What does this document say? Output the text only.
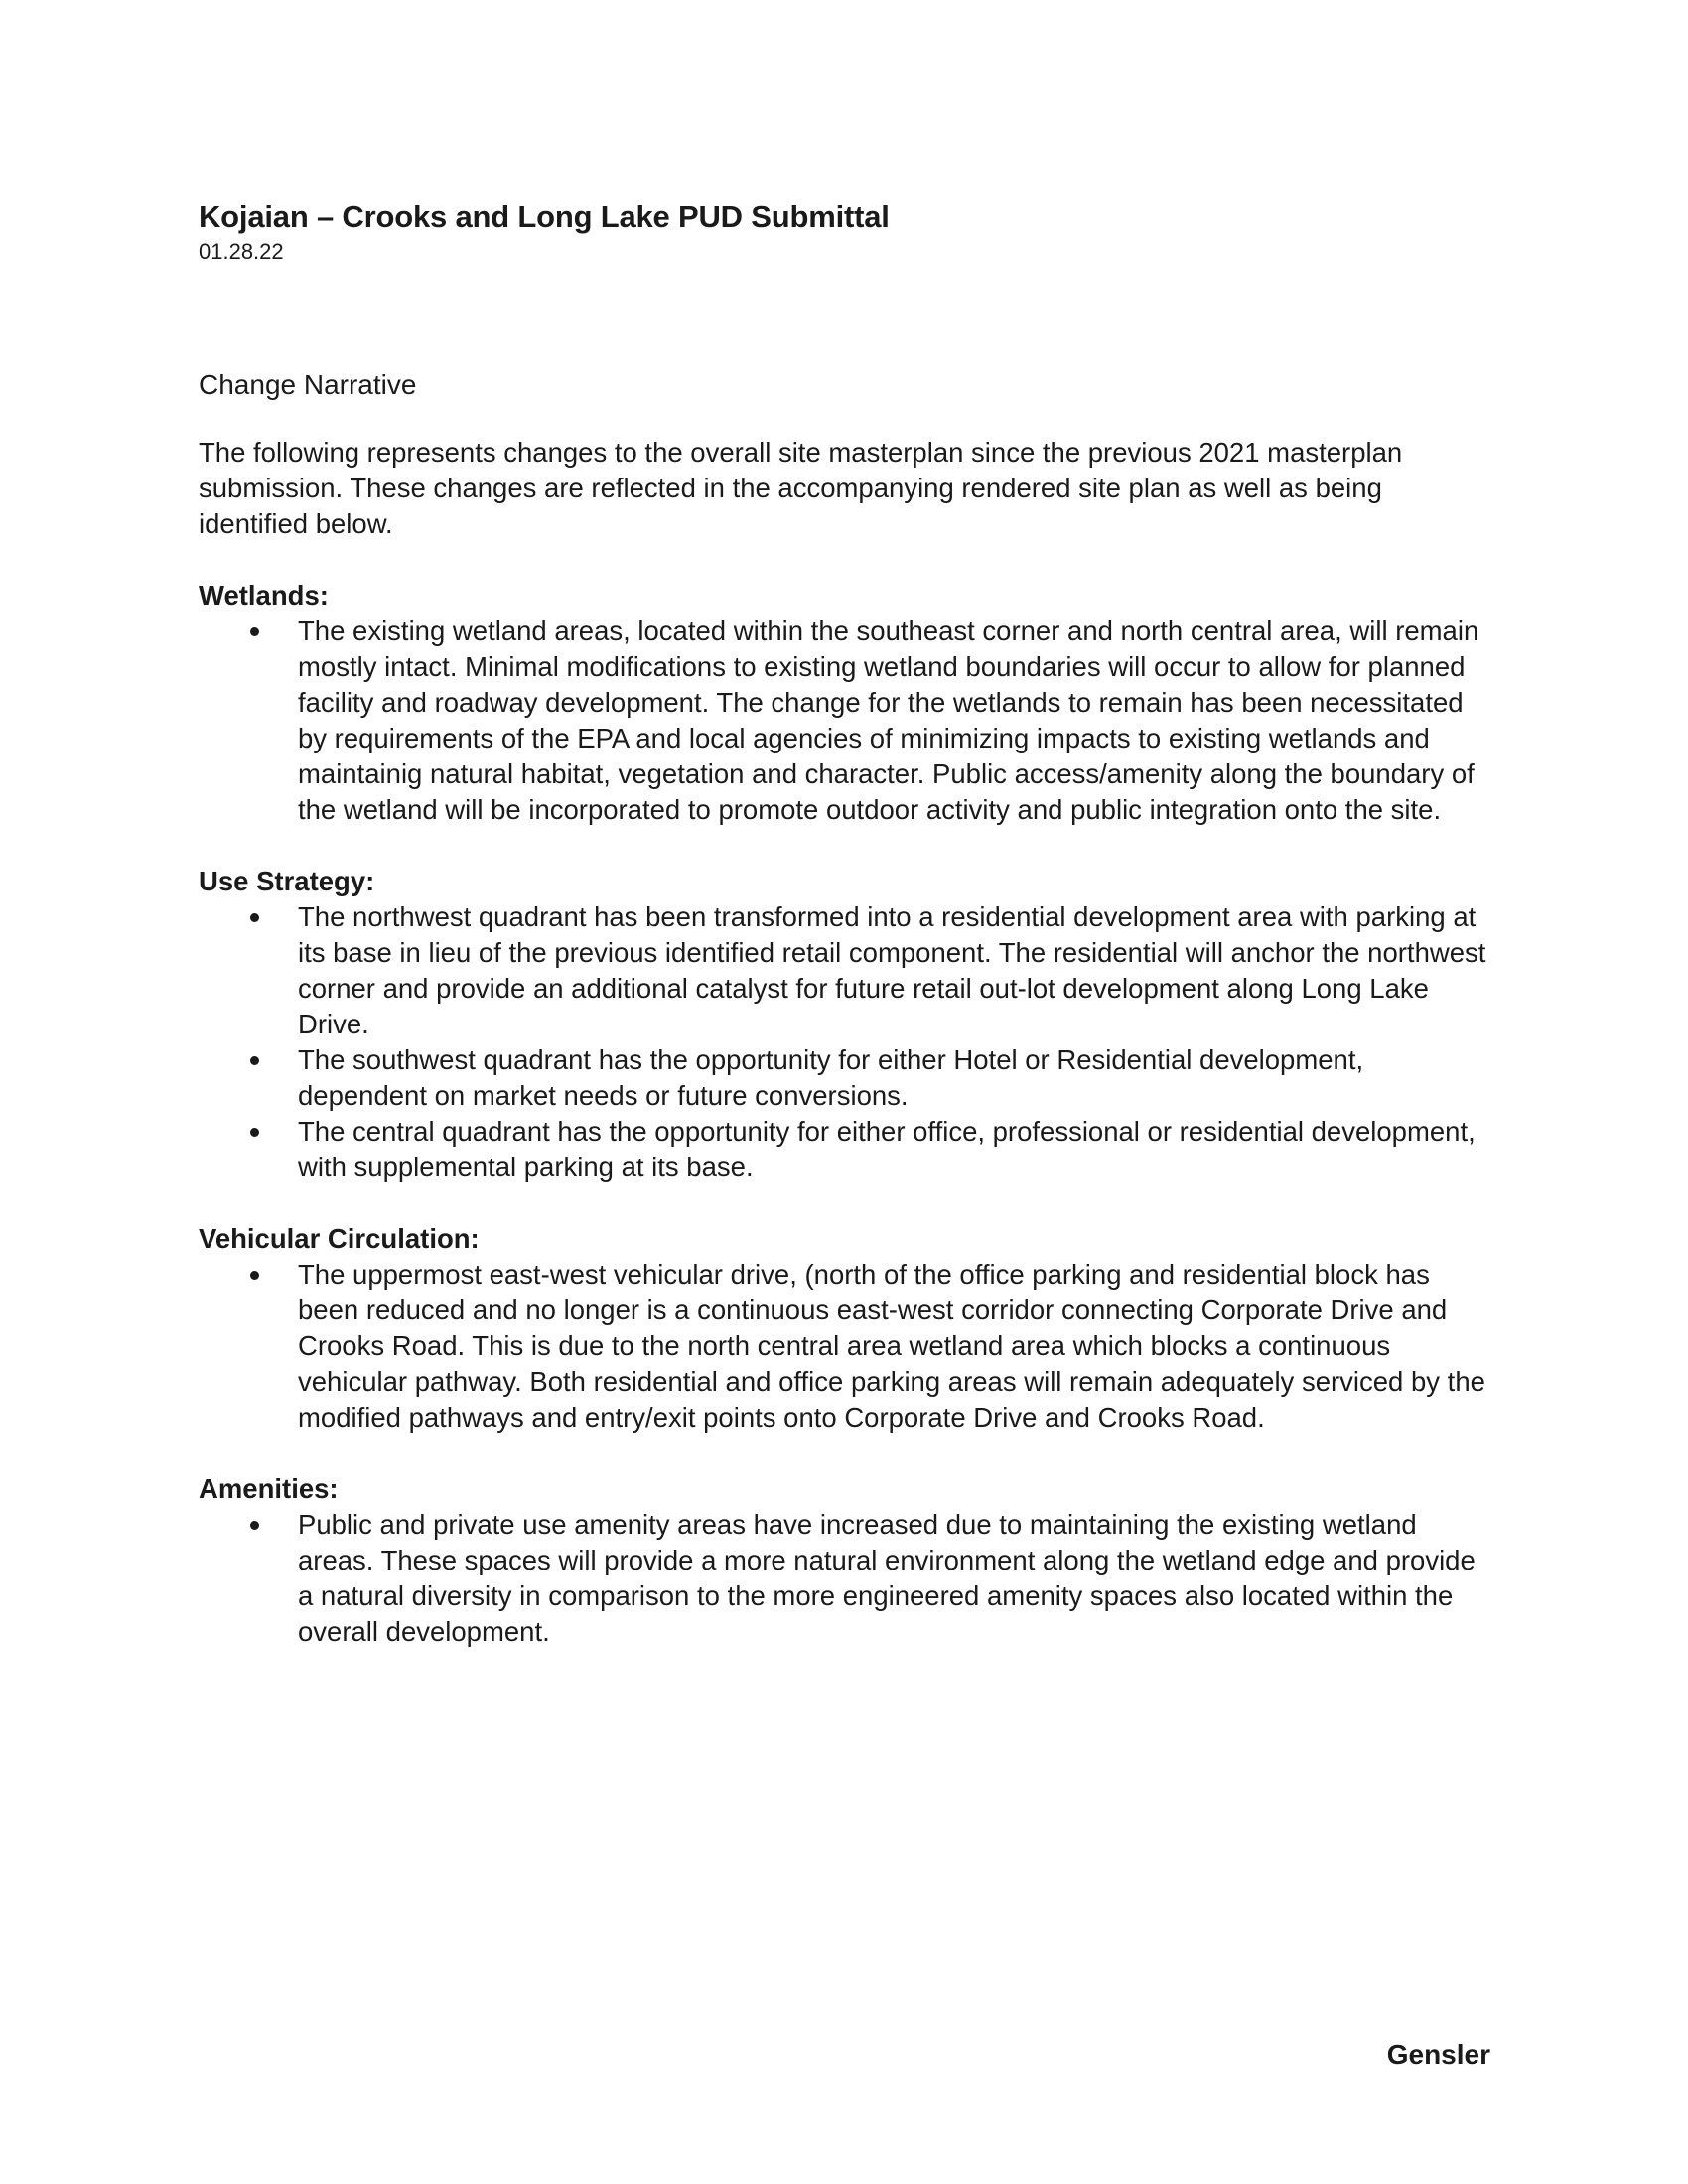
Kojaian – Crooks and Long Lake PUD Submittal
01.28.22
Change Narrative

The following represents changes to the overall site masterplan since the previous 2021 masterplan submission. These changes are reflected in the accompanying rendered site plan as well as being identified below.

Wetlands:
The existing wetland areas, located within the southeast corner and north central area, will remain mostly intact. Minimal modifications to existing wetland boundaries will occur to allow for planned facility and roadway development. The change for the wetlands to remain has been necessitated by requirements of the EPA and local agencies of minimizing impacts to existing wetlands and maintainig natural habitat, vegetation and character. Public access/amenity along the boundary of the wetland will be incorporated to promote outdoor activity and public integration onto the site.
Use Strategy:
The northwest quadrant has been transformed into a residential development area with parking at its base in lieu of the previous identified retail component. The residential will anchor the northwest corner and provide an additional catalyst for future retail out-lot development along Long Lake Drive.
The southwest quadrant has the opportunity for either Hotel or Residential development, dependent on market needs or future conversions.
The central quadrant has the opportunity for either office, professional or residential development, with supplemental parking at its base.
Vehicular Circulation:
The uppermost east-west vehicular drive, (north of the office parking and residential block has been reduced and no longer is a continuous east-west corridor connecting Corporate Drive and Crooks Road. This is due to the north central area wetland area which blocks a continuous vehicular pathway. Both residential and office parking areas will remain adequately serviced by the modified pathways and entry/exit points onto Corporate Drive and Crooks Road.
Amenities:
Public and private use amenity areas have increased due to maintaining the existing wetland areas. These spaces will provide a more natural environment along the wetland edge and provide a natural diversity in comparison to the more engineered amenity spaces also located within the overall development.
Gensler
